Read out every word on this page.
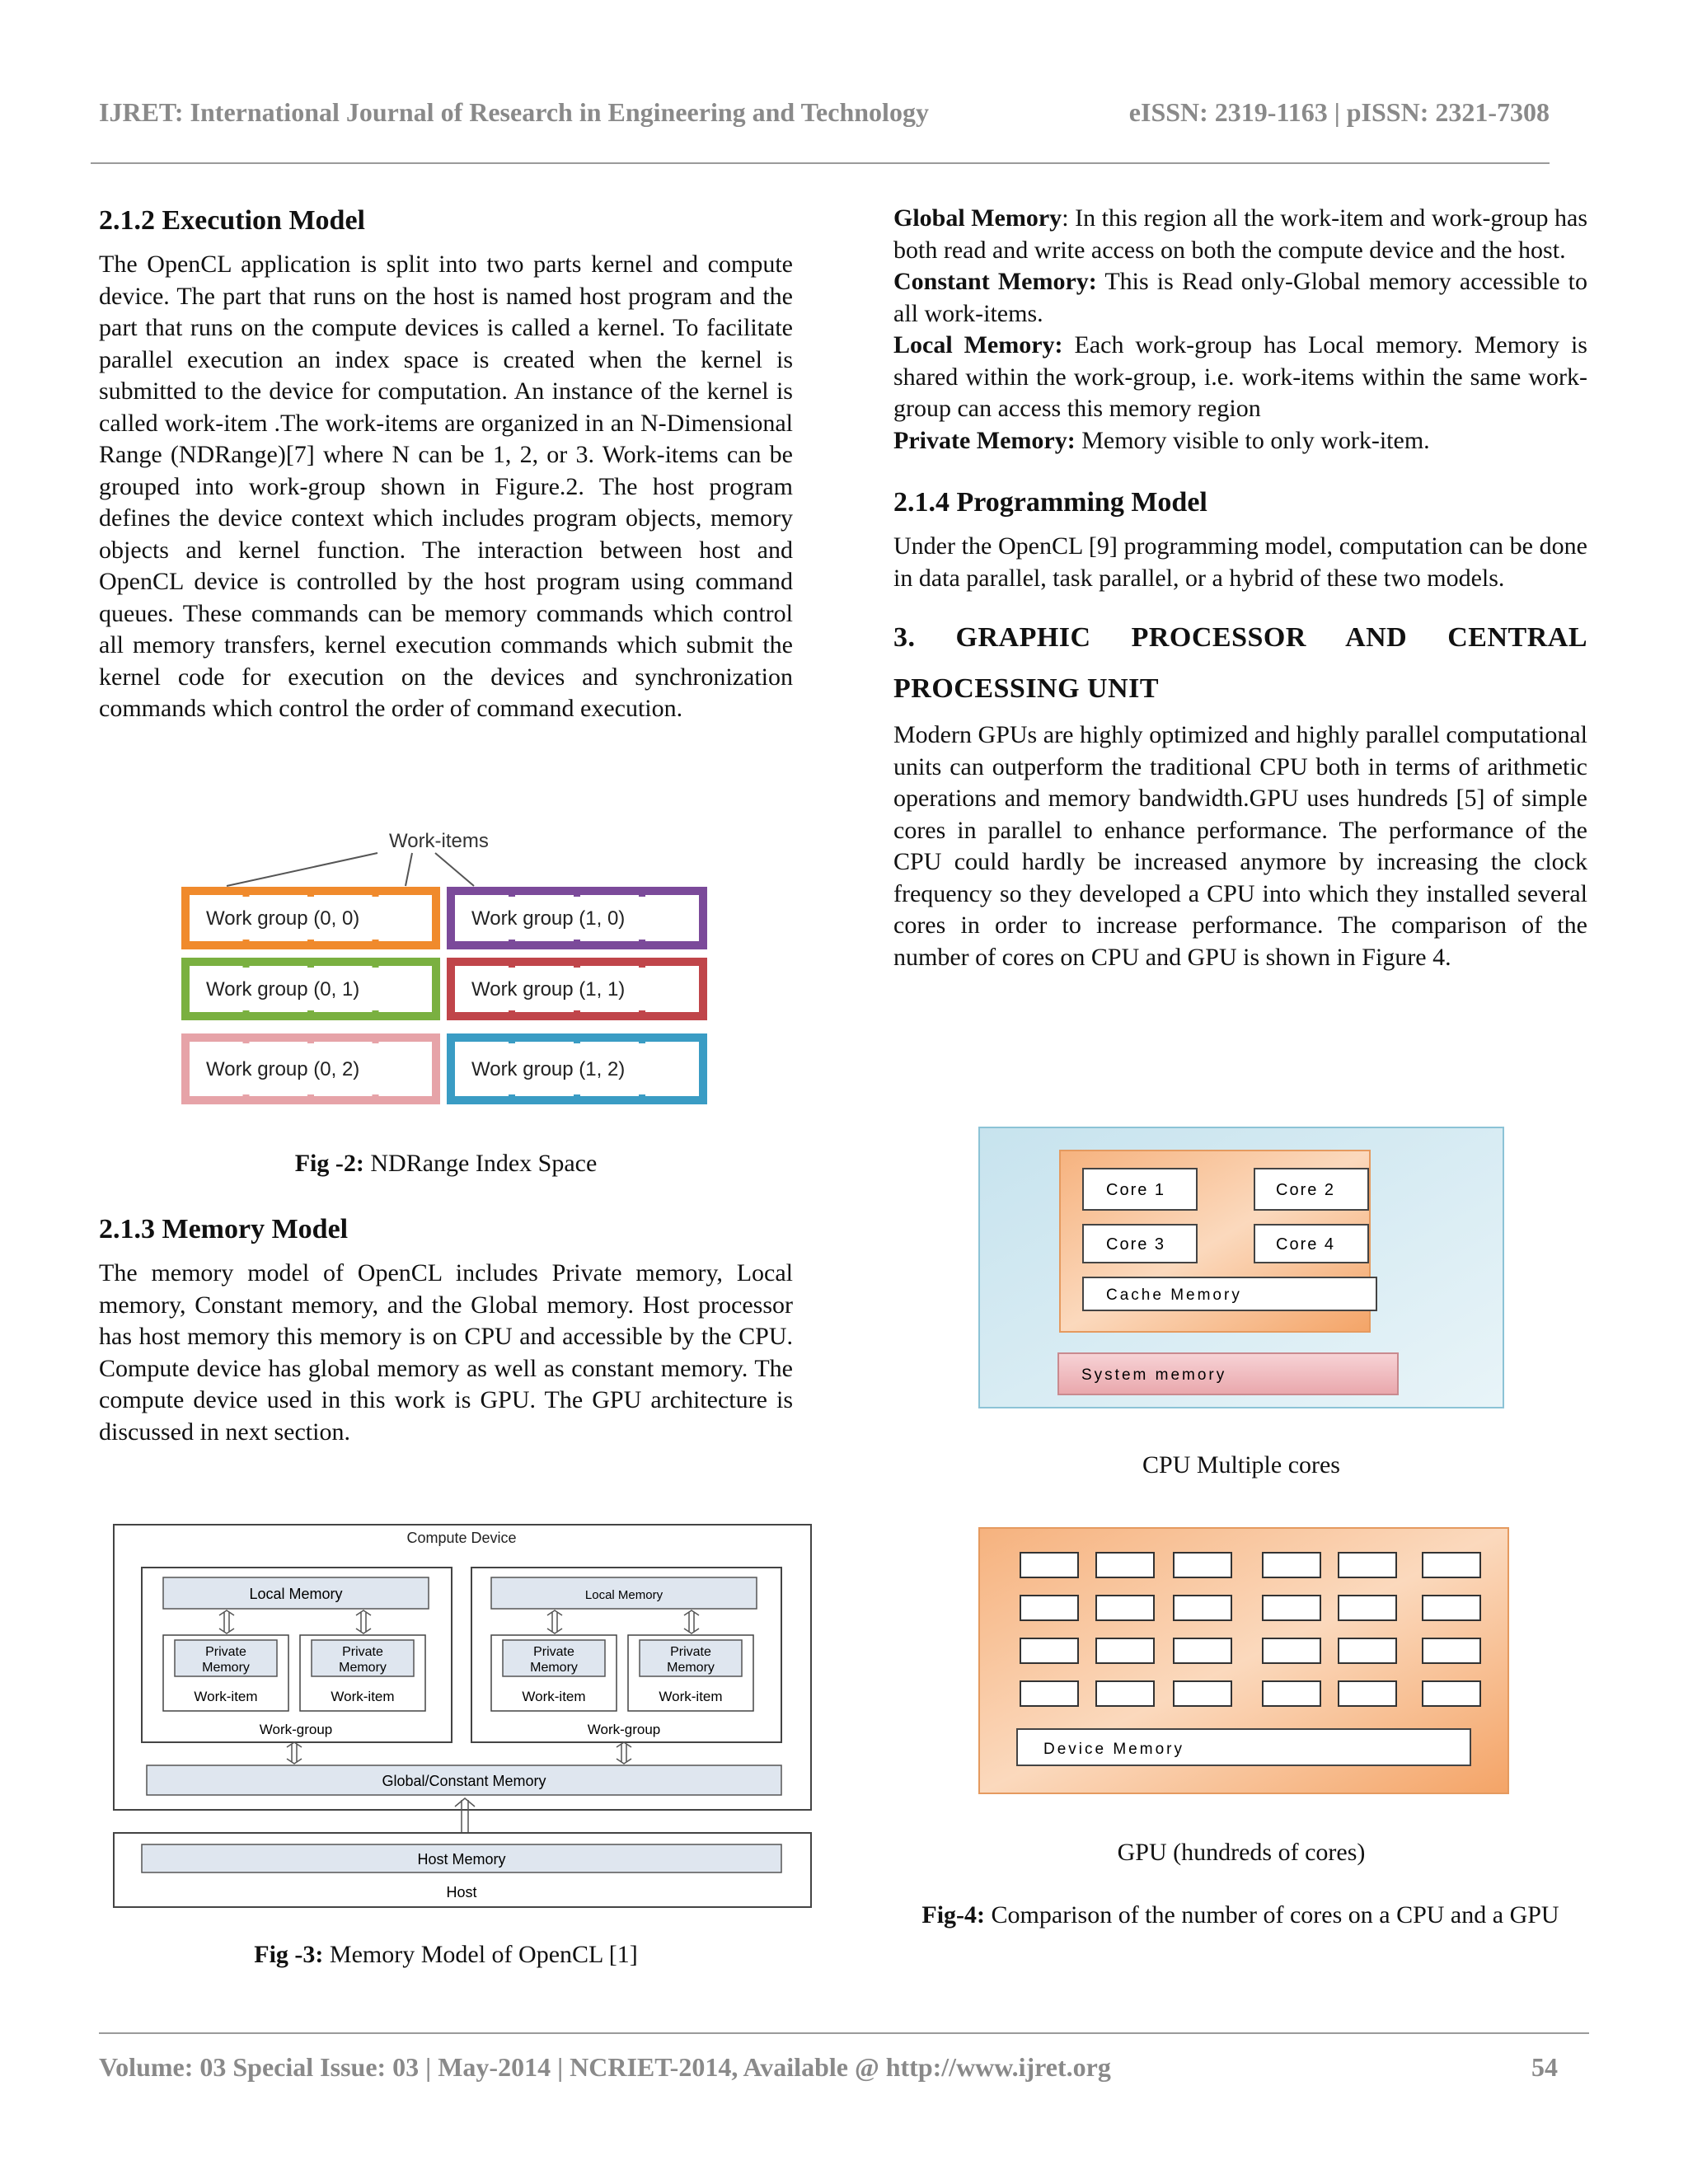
IJRET: International Journal of Research in Engineering and Technology	eISSN: 2319-1163 | pISSN: 2321-7308
2.1.2 Execution Model

The OpenCL application is split into two parts kernel and compute device. The part that runs on the host is named host program and the part that runs on the compute devices is called a kernel. To facilitate parallel execution an index space is created when the kernel is submitted to the device for computation. An instance of the kernel is called work-item .The work-items are organized in an N-Dimensional Range (NDRange)[7] where N can be 1, 2, or 3. Work-items can be grouped into work-group shown in Figure.2. The host program defines the device context which includes program objects, memory objects and kernel function. The interaction between host and OpenCL device is controlled by the host program using command queues. These commands can be memory commands which control all memory transfers, kernel execution commands which submit the kernel code for execution on the devices and synchronization commands which control the order of command execution.

Work-items
Work group (0, 0)	Work group (1, 0)
Work group (0, 1)	Work group (1, 1)
Work group (0, 2)	Work group (1, 2)
Fig -2: NDRange Index Space
2.1.3 Memory Model

The memory model of OpenCL includes Private memory, Local memory, Constant memory, and the Global memory. Host processor has host memory this memory is on CPU and accessible by the CPU. Compute device has global memory as well as constant memory. The compute device used in this work is GPU. The GPU architecture is discussed in next section.

Compute Device
Local Memory
Private
Memory
Work-item
Private
Memory
Work-item
Work-group
Local Memory
Private
Memory
Work-item
Private
Memory
Work-item
Work-group
Global/Constant Memory
Host Memory
Host
Fig -3: Memory Model of OpenCL [1]

Global Memory: In this region all the work-item and work-group has both read and write access on both the compute device and the host.

Constant Memory: This is Read only-Global memory accessible to all work-items.

Local Memory: Each work-group has Local memory. Memory is shared within the work-group, i.e. work-items within the same work-group can access this memory region

Private Memory: Memory visible to only work-item.

2.1.4 Programming Model

Under the OpenCL [9] programming model, computation can be done in data parallel, task parallel, or a hybrid of these two models.

3. GRAPHIC PROCESSOR AND CENTRAL
PROCESSING UNIT

Modern GPUs are highly optimized and highly parallel computational units can outperform the traditional CPU both in terms of arithmetic operations and memory bandwidth.GPU uses hundreds [5] of simple cores in parallel to enhance performance. The performance of the CPU could hardly be increased anymore by increasing the clock frequency so they developed a CPU into which they installed several cores in order to increase performance. The comparison of the number of cores on CPU and GPU is shown in Figure 4.

Core 1	Core 2
Core 3	Core 4
Cache Memory
System memory
CPU Multiple cores
Device Memory
GPU (hundreds of cores)
Fig-4: Comparison of the number of cores on a CPU and a GPU
Volume: 03 Special Issue: 03 | May-2014 | NCRIET-2014, Available @ http://www.ijret.org	54
